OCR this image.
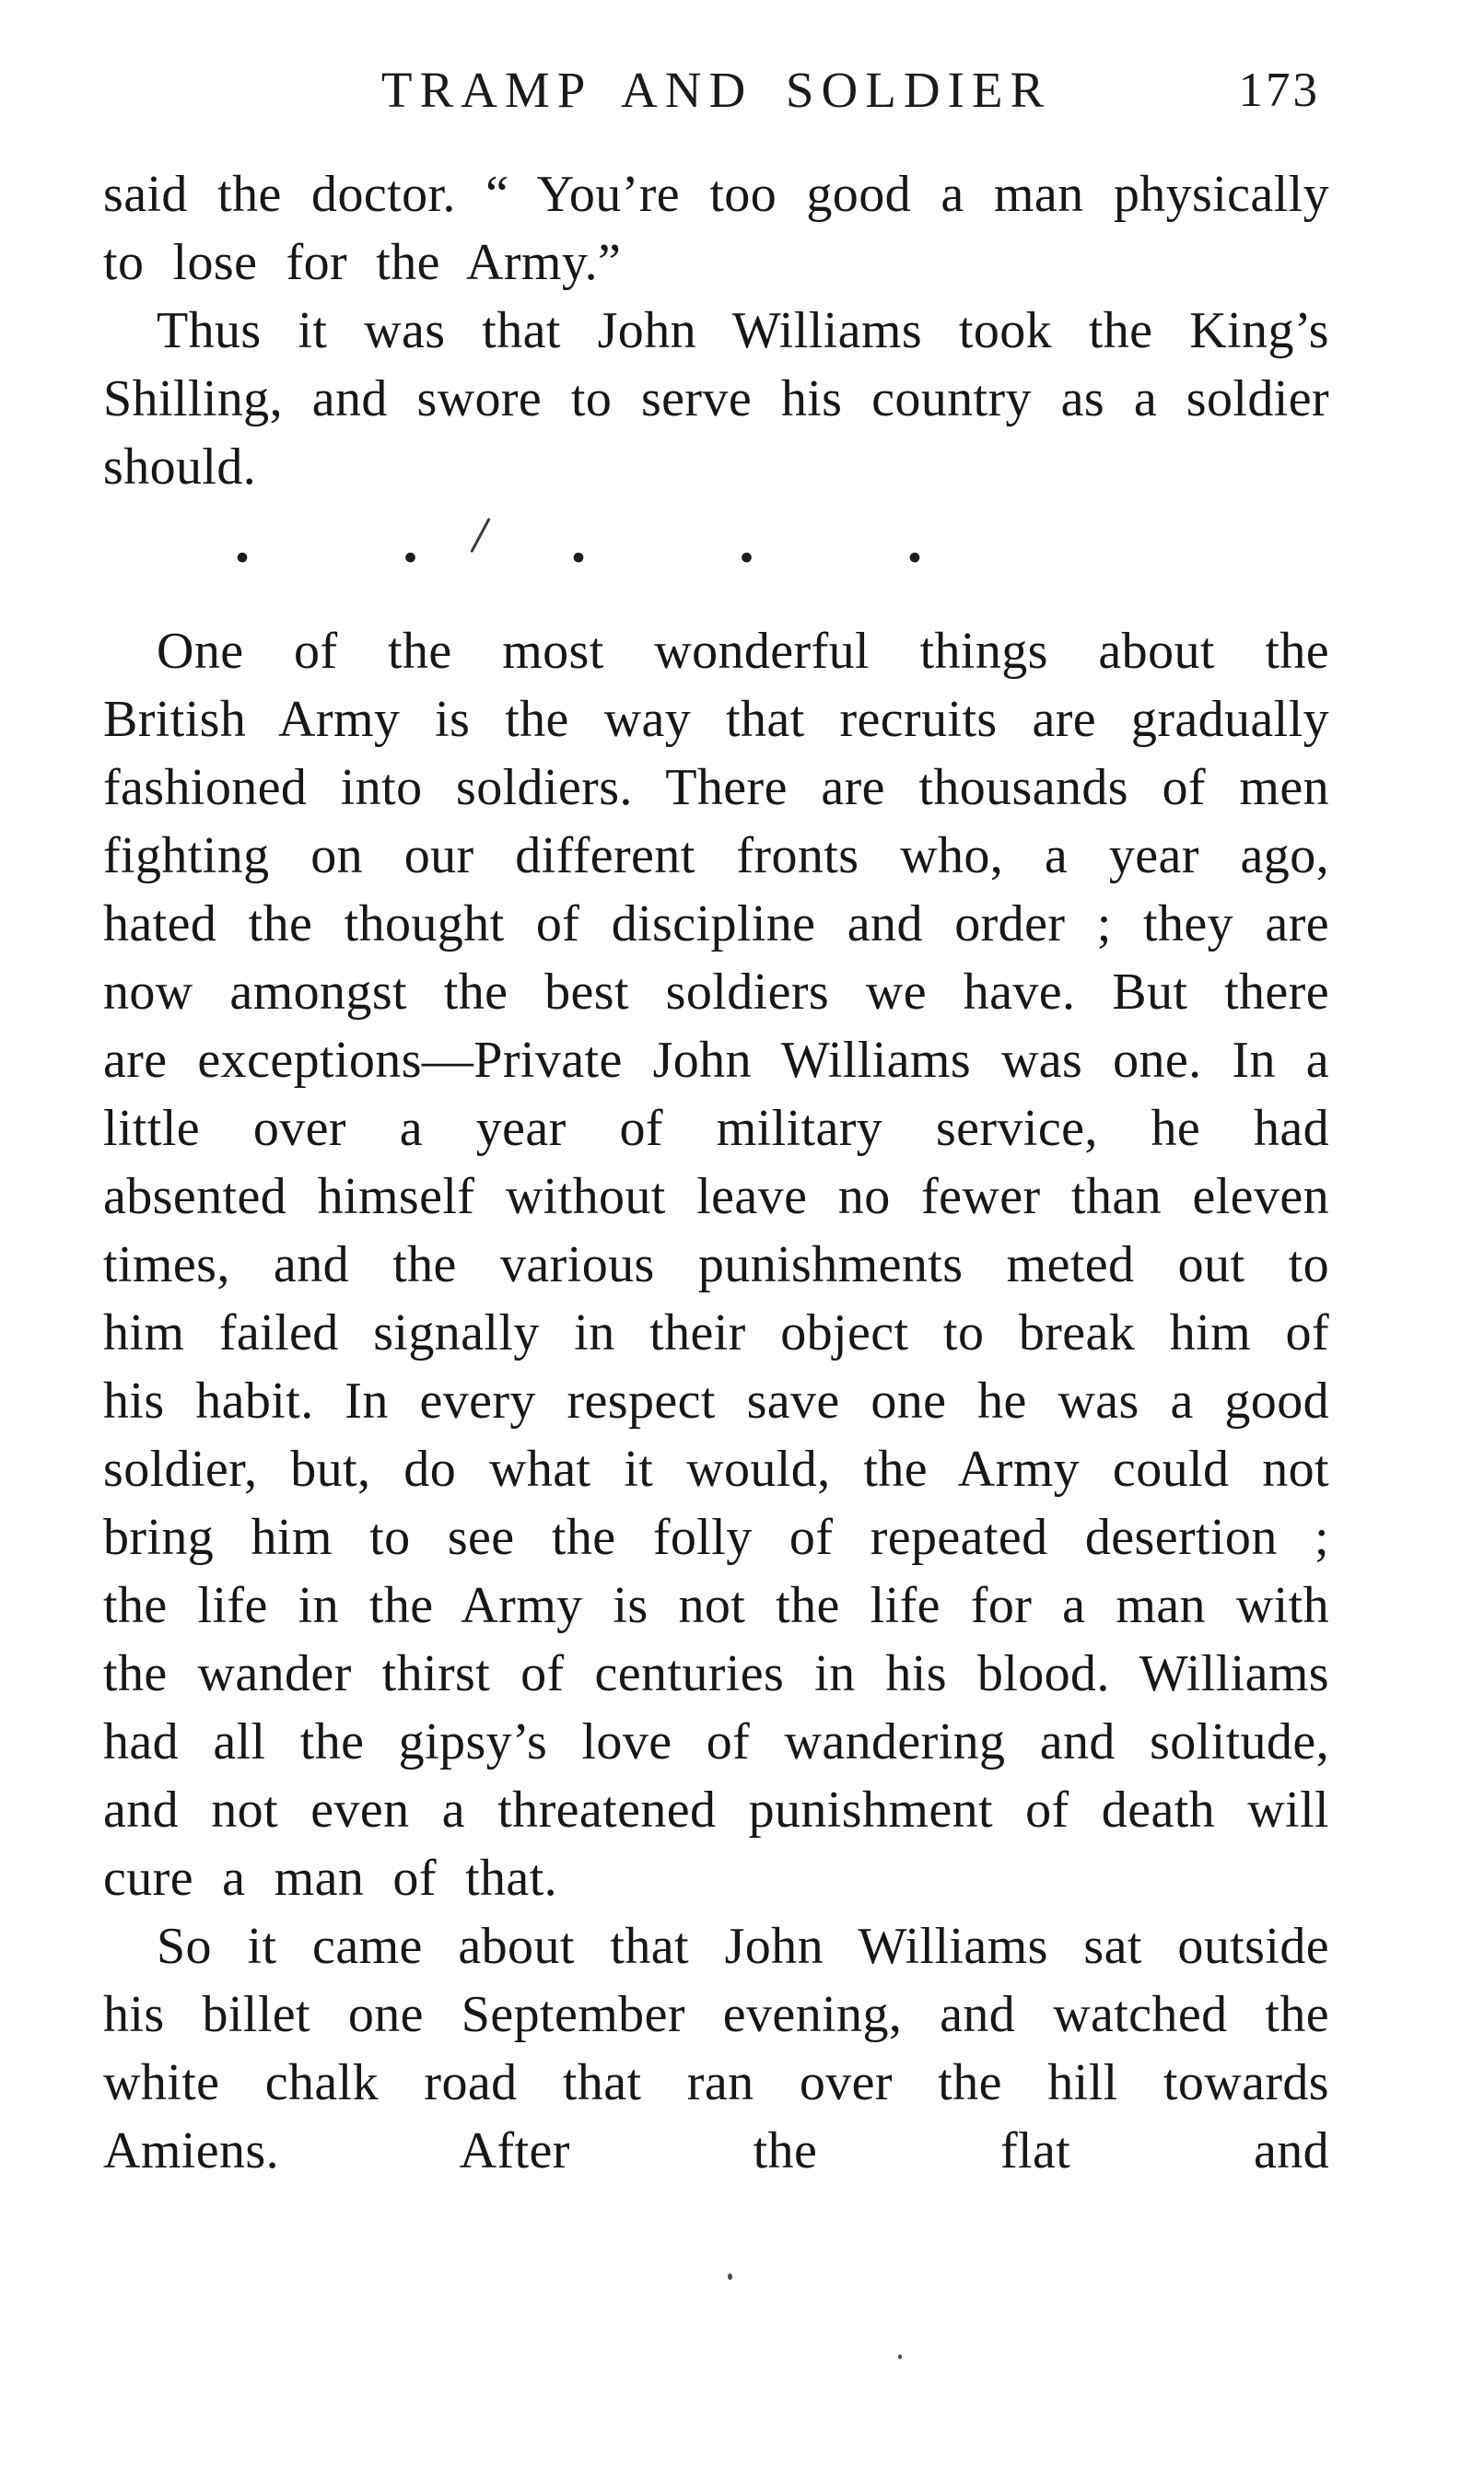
TRAMP AND SOLDIER	173

said the doctor. “ You’re too good a man physically to lose for the Army.”

Thus it was that John Williams took the King’s Shilling, and swore to serve his country as a soldier should.

· · · · ·

One of the most wonderful things about the British Army is the way that recruits are gradually fashioned into soldiers. There are thousands of men fighting on our different fronts who, a year ago, hated the thought of discipline and order ; they are now amongst the best soldiers we have. But there are exceptions—Private John Williams was one. In a little over a year of military service, he had absented himself without leave no fewer than eleven times, and the various punishments meted out to him failed signally in their object to break him of his habit. In every respect save one he was a good soldier, but, do what it would, the Army could not bring him to see the folly of repeated desertion ; the life in the Army is not the life for a man with the wander thirst of centuries in his blood. Williams had all the gipsy’s love of wandering and solitude, and not even a threatened punishment of death will cure a man of that.

So it came about that John Williams sat outside his billet one September evening, and watched the white chalk road that ran over the hill towards Amiens. After the flat and
